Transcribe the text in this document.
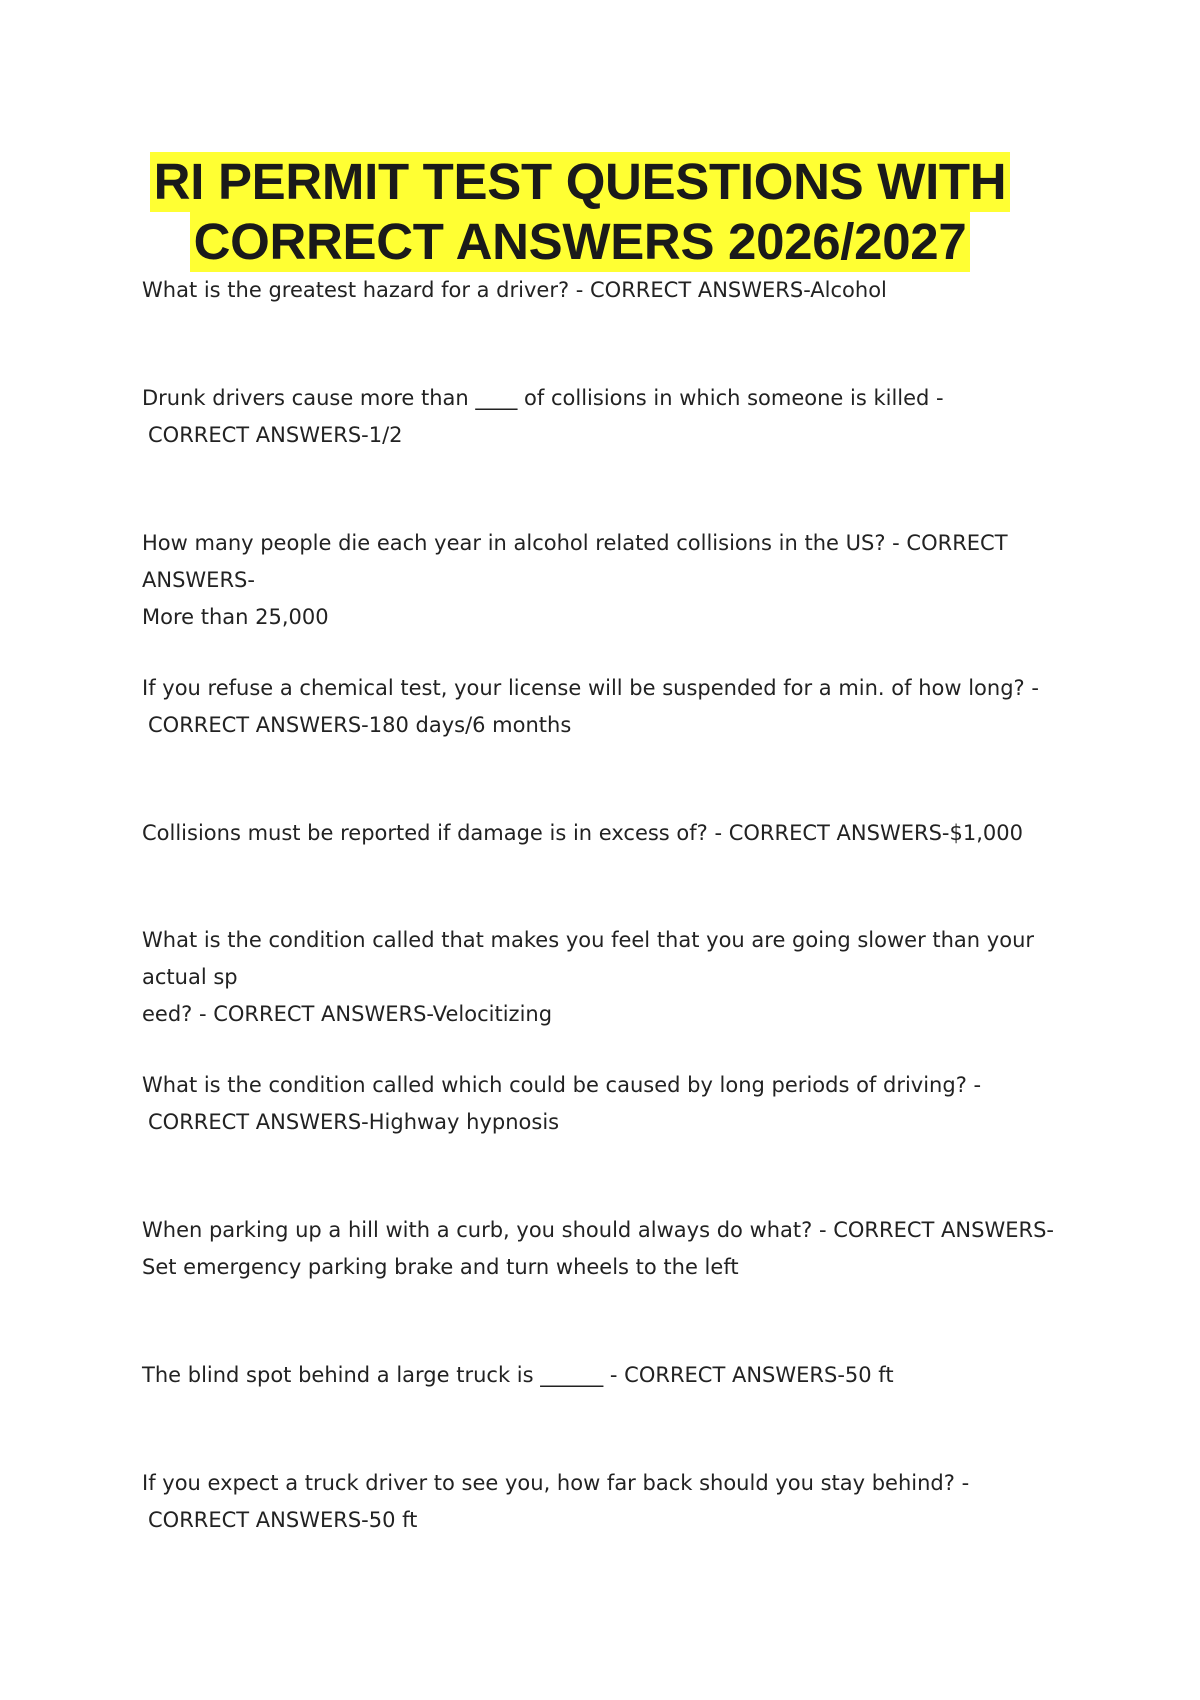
RI PERMIT TEST QUESTIONS WITH
CORRECT ANSWERS 2026/2027

What is the greatest hazard for a driver? - CORRECT ANSWERS-Alcohol

Drunk drivers cause more than ____ of collisions in which someone is killed -
CORRECT ANSWERS-1/2

How many people die each year in alcohol related collisions in the US? - CORRECT ANSWERS-
More than 25,000

If you refuse a chemical test, your license will be suspended for a min. of how long? -
CORRECT ANSWERS-180 days/6 months

Collisions must be reported if damage is in excess of? - CORRECT ANSWERS-$1,000

What is the condition called that makes you feel that you are going slower than your actual sp
eed? - CORRECT ANSWERS-Velocitizing

What is the condition called which could be caused by long periods of driving? -
CORRECT ANSWERS-Highway hypnosis

When parking up a hill with a curb, you should always do what? - CORRECT ANSWERS-
Set emergency parking brake and turn wheels to the left

The blind spot behind a large truck is ______ - CORRECT ANSWERS-50 ft

If you expect a truck driver to see you, how far back should you stay behind? -
CORRECT ANSWERS-50 ft
